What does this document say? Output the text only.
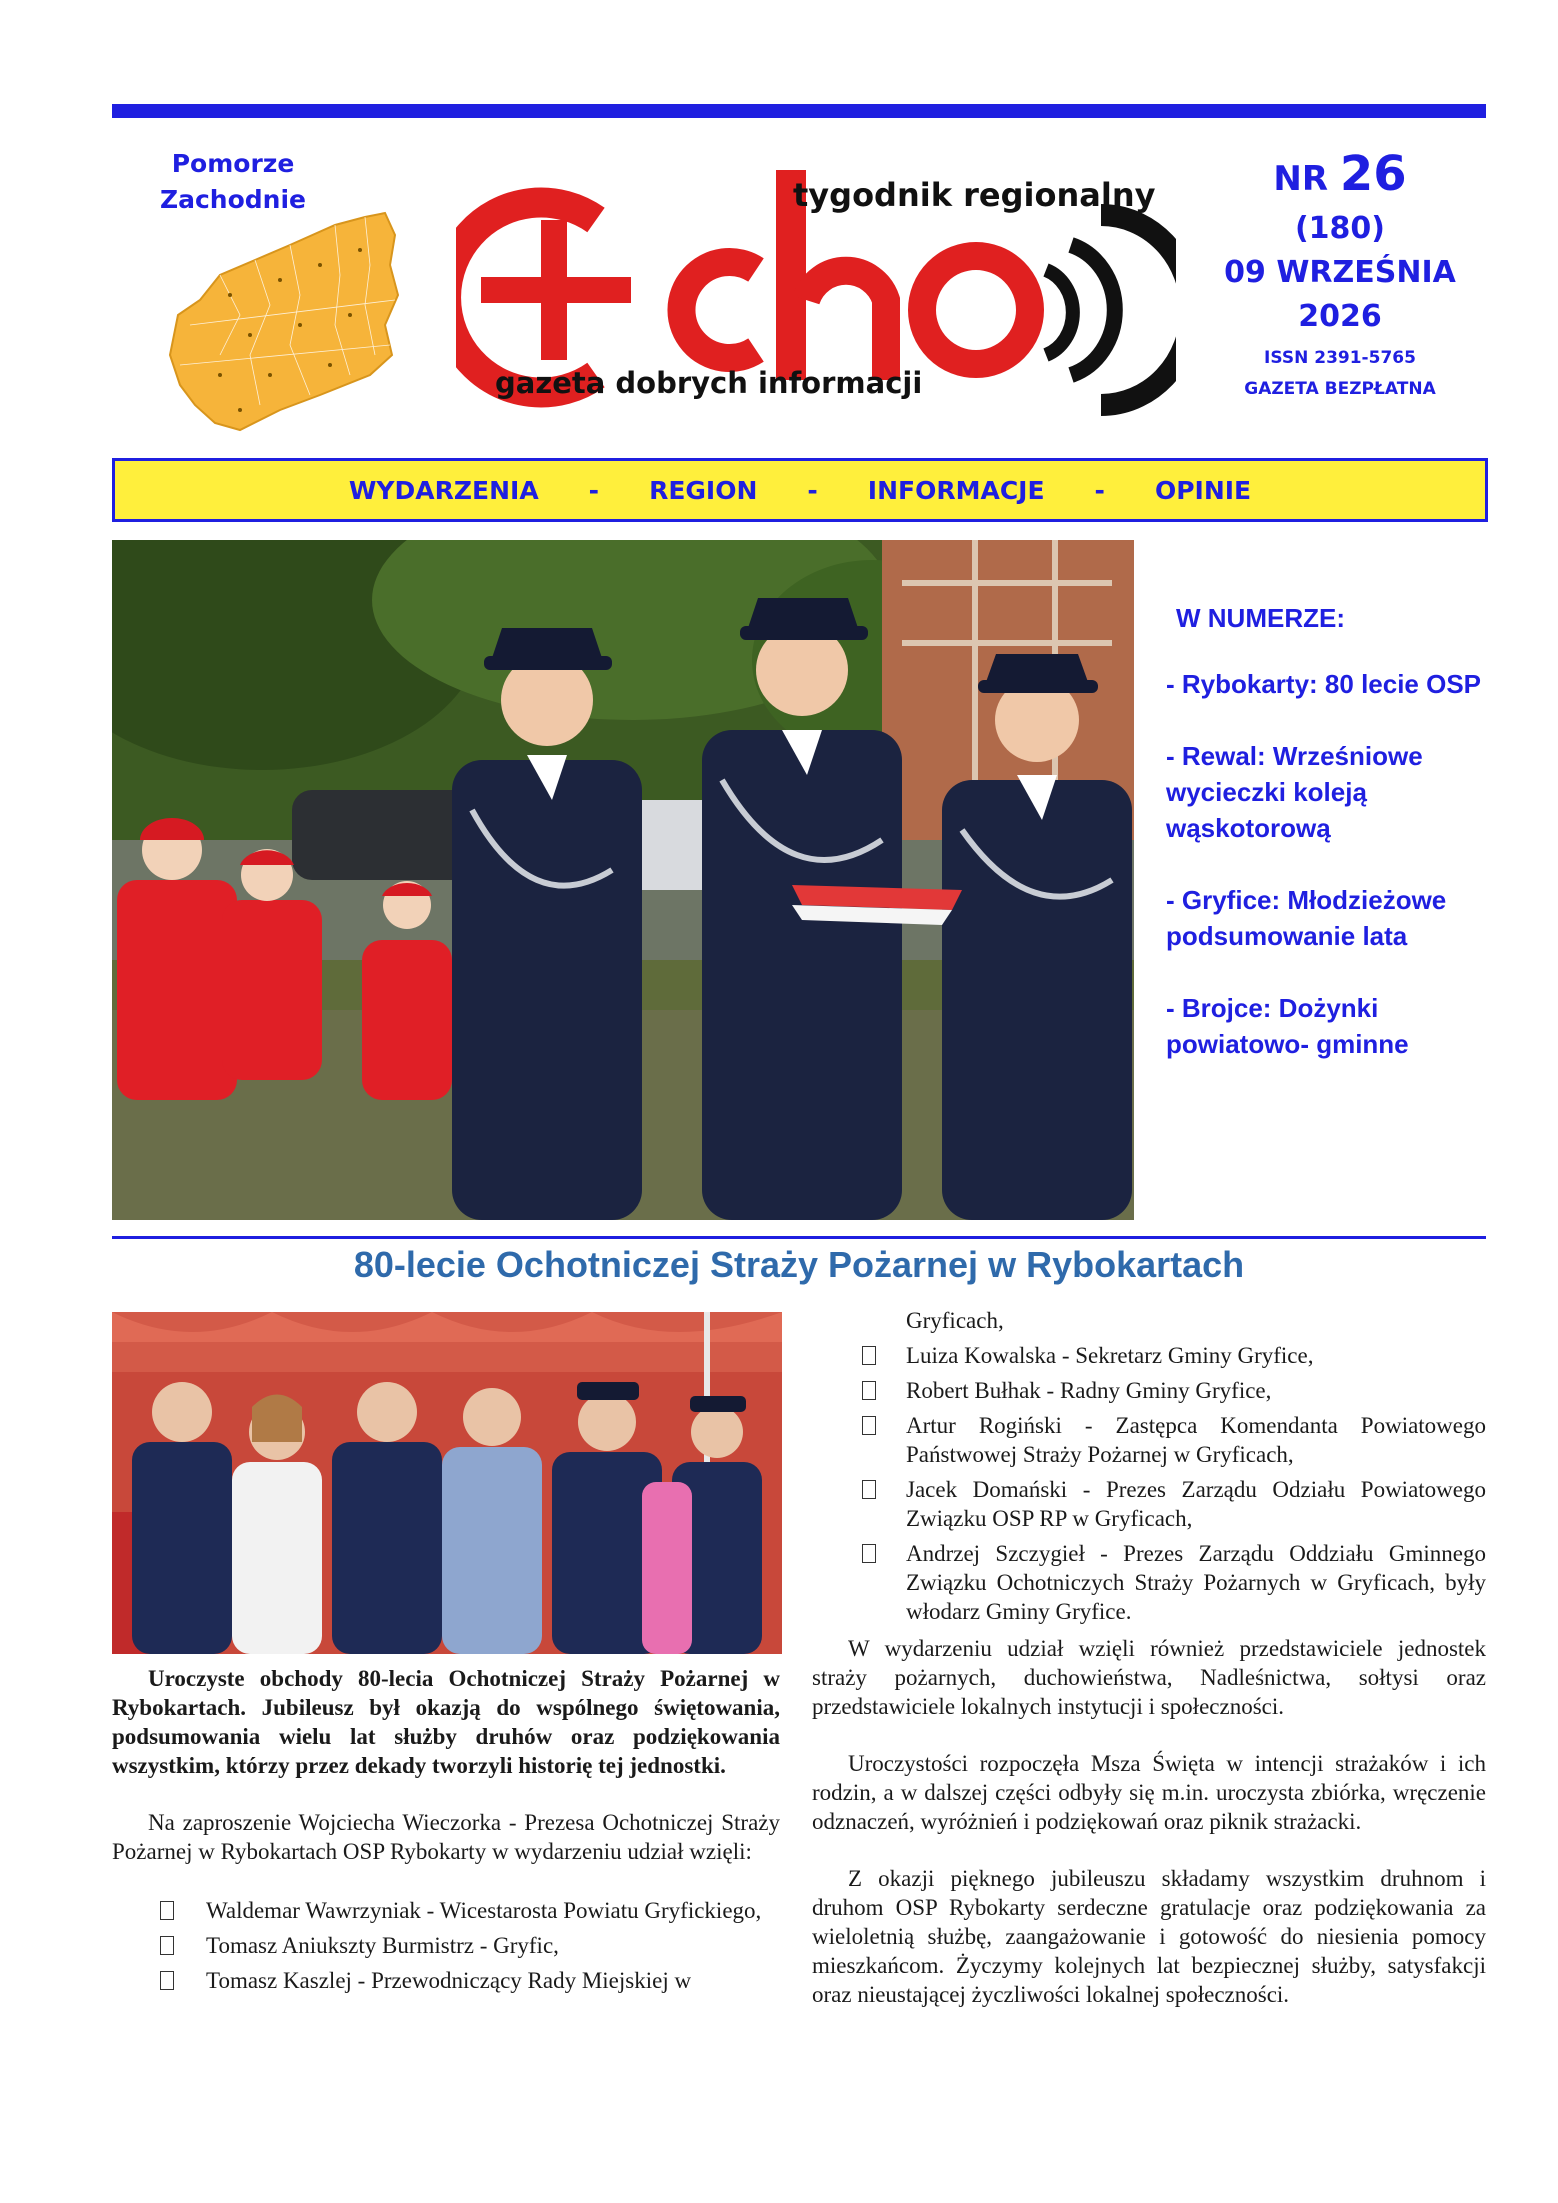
Pomorze
Zachodnie	tygodnik regionalny
gazeta dobrych informacji
NR 26
(180)
09 WRZEŚNIA
2026
ISSN 2391-5765
GAZETA BEZPŁATNA
WYDARZENIA - REGION - INFORMACJE - OPINIE
W NUMERZE:
- Rybokarty: 80 lecie OSP
- Rewal: Wrześniowe wycieczki koleją wąskotorową
- Gryfice: Młodzieżowe podsumowanie lata
- Brojce: Dożynki powiatowo- gminne
80-lecie Ochotniczej Straży Pożarnej w Rybokartach

Uroczyste obchody 80-lecia Ochotniczej Straży Pożarnej w Rybokartach. Jubileusz był okazją do wspólnego świętowania, podsumowania wielu lat służby druhów oraz podziękowania wszystkim, którzy przez dekady tworzyli historię tej jednostki.

Na zaproszenie Wojciecha Wieczorka - Prezesa Ochotniczej Straży Pożarnej w Rybokartach OSP Rybokarty w wydarzeniu udział wzięli:

Waldemar Wawrzyniak - Wicestarosta Powiatu Gryfickiego,
Tomasz Aniukszty Burmistrz - Gryfic,
Tomasz Kaszlej - Przewodniczący Rady Miejskiej w
Gryficach,
Luiza Kowalska - Sekretarz Gminy Gryfice,
Robert Bułhak - Radny Gminy Gryfice,
Artur Rogiński - Zastępca Komendanta Powiatowego Państwowej Straży Pożarnej w Gryficach,
Jacek Domański - Prezes Zarządu Odziału Powiatowego Związku OSP RP w Gryficach,
Andrzej Szczygieł - Prezes Zarządu Oddziału Gminnego Związku Ochotniczych Straży Pożarnych w Gryficach, były włodarz Gminy Gryfice.

W wydarzeniu udział wzięli również przedstawiciele jednostek straży pożarnych, duchowieństwa, Nadleśnictwa, sołtysi oraz przedstawiciele lokalnych instytucji i społeczności.

Uroczystości rozpoczęła Msza Święta w intencji strażaków i ich rodzin, a w dalszej części odbyły się m.in. uroczysta zbiórka, wręczenie odznaczeń, wyróżnień i podziękowań oraz piknik strażacki.

Z okazji pięknego jubileuszu składamy wszystkim druhnom i druhom OSP Rybokarty serdeczne gratulacje oraz podziękowania za wieloletnią służbę, zaangażowanie i gotowość do niesienia pomocy mieszkańcom. Życzymy kolejnych lat bezpiecznej służby, satysfakcji oraz nieustającej życzliwości lokalnej społeczności.
